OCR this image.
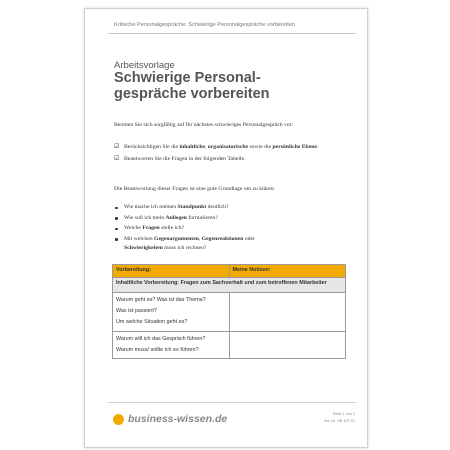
Kritische Personalgespräche: Schwierige Personalgespräche vorbereiten
Arbeitsvorlage
Schwierige Personal-
gespräche vorbereiten
Bereiten Sie sich sorgfältig auf Ihr nächstes schwieriges Personalgespräch vor:
☑ Berücksichtigen Sie die inhaltliche, organisatorische sowie die persönliche Ebene.
☑ Beantworten Sie die Fragen in der folgenden Tabelle.
Die Beantwortung dieser Fragen ist eine gute Grundlage um zu klären:
Wie mache ich meinen Standpunkt deutlich?
Wie soll ich mein Anliegen formulieren?
Welche Fragen stelle ich?
Mit welchen Gegenargumenten, Gegenreaktionen oder
Schwierigkeiten muss ich rechnen?
Vorbereitung:	Meine Notizen:
Inhaltliche Vorbereitung: Fragen zum Sachverhalt und zum betroffenen Mitarbeiter	

Warum geht es? Was ist das Thema?
Was ist passiert?
Um welche Situation geht es?	

Warum will ich das Gespräch führen?
Warum muss/ sollte ich es führen?	

business-wissen.de	Seite 1 von 2
Art.-Nr. SB 127.01
